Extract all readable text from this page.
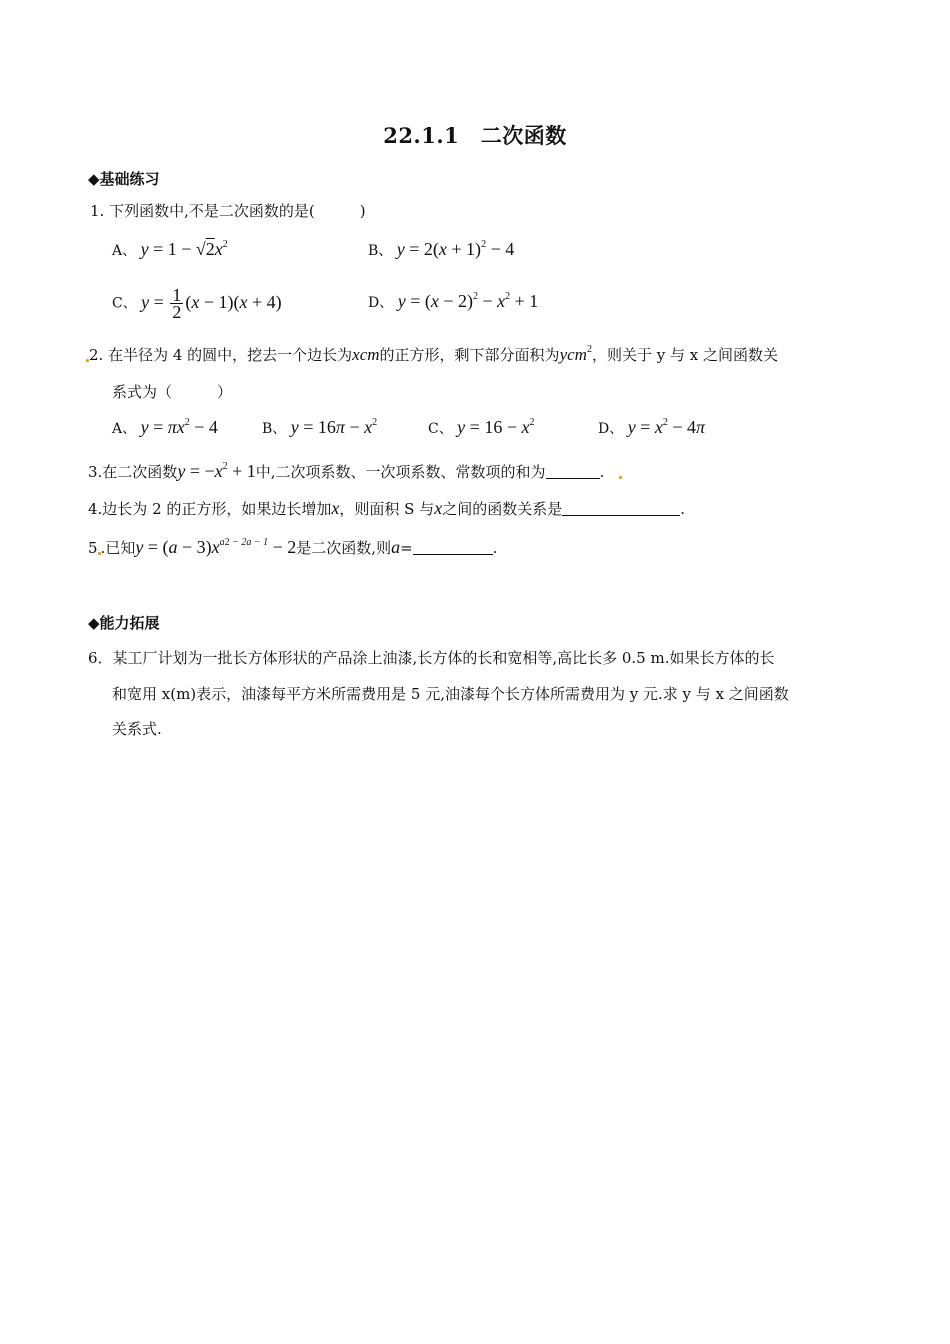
22.1.1　二次函数
◆基础练习
1. 下列函数中,不是二次函数的是(　　　)
A、 $y = 1 - √2x^2$	B、 $y = 2(x + 1)^2 - 4$
C、 $y = \frac{1}{2} (x - 1)(x + 4)$	D、 $y = (x - 2)^2 - x^2 + 1$
2. 在半径为 4 的圆中，挖去一个边长为xcm的正方形，剩下部分面积为ycm$^2$，则关于 y 与 x 之间函数关
系式为（　　　）
A、 $y = \pi x^2 - 4$	B、 $y = 16\pi - x^2$	C、 $y = 16 - x^2$	D、 $y = x^2 - 4\pi$
3.在二次函数$y = -x^2 + 1$中,二次项系数、一次项系数、常数项的和为	.
4.边长为 2 的正方形，如果边长增加x，则面积 S 与x之间的函数关系是	.
5 .已知$y = (a - 3)x^{a2 - 2a - 1} - 2$是二次函数,则a=	.
◆能力拓展
6．某工厂计划为一批长方体形状的产品涂上油漆,长方体的长和宽相等,高比长多 0.5 m.如果长方体的长
和宽用 x(m)表示，油漆每平方米所需费用是 5 元,油漆每个长方体所需费用为 y 元.求 y 与 x 之间函数
关系式.
